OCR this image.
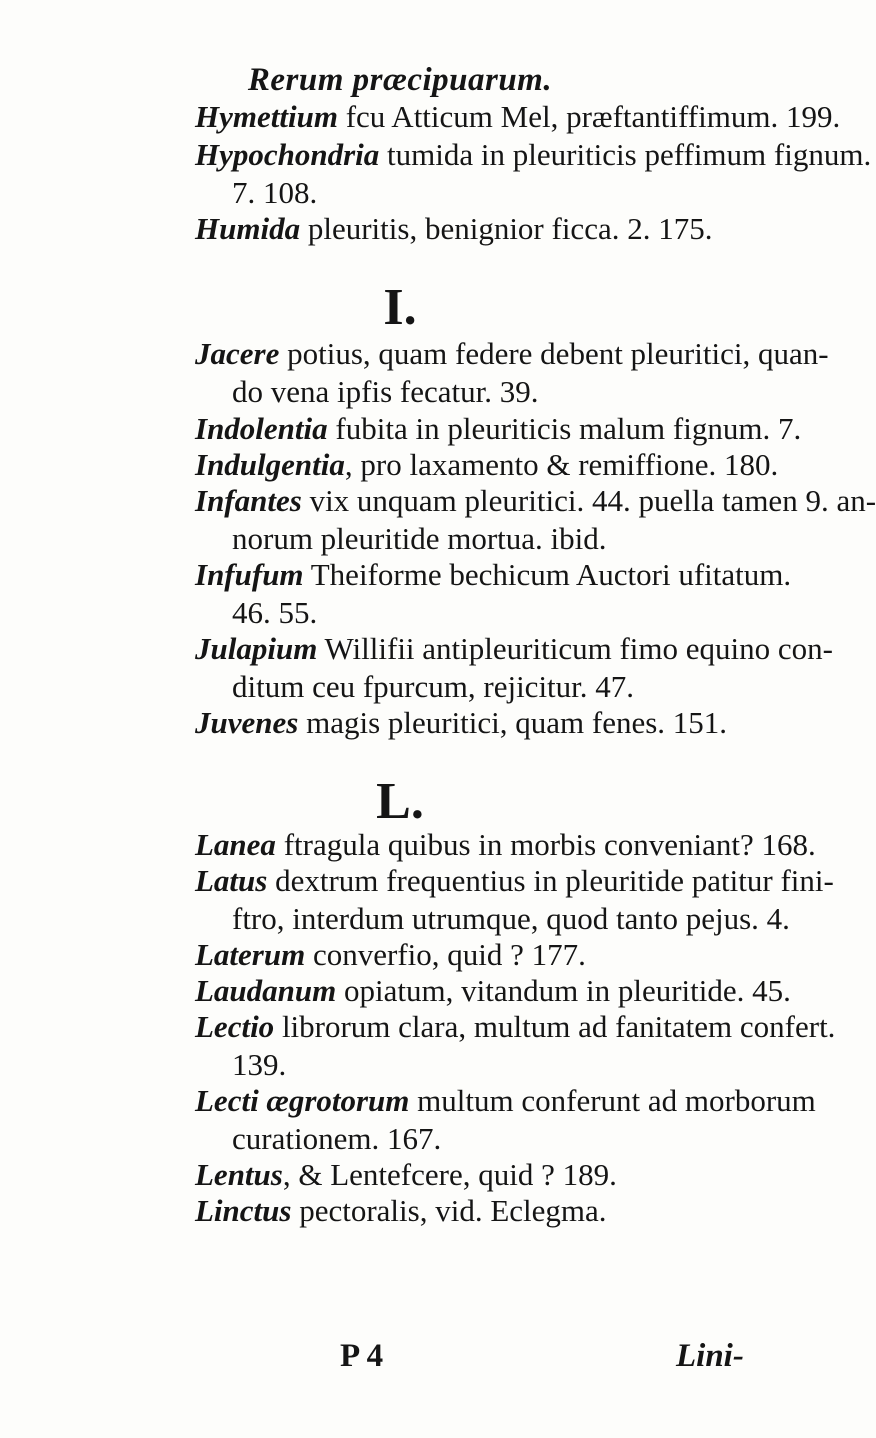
Rerum præcipuarum.
Hymettium fcu Atticum Mel, præftantiffimum. 199.
Hypochondria tumida in pleuriticis peffimum fignum.
7. 108.
Humida pleuritis, benignior ficca. 2. 175.
I.
Jacere potius, quam federe debent pleuritici, quan-
do vena ipfis fecatur. 39.
Indolentia fubita in pleuriticis malum fignum. 7.
Indulgentia, pro laxamento & remiffione. 180.
Infantes vix unquam pleuritici. 44. puella tamen 9. an-
norum pleuritide mortua. ibid.
Infufum Theiforme bechicum Auctori ufitatum.
46. 55.
Julapium Willifii antipleuriticum fimo equino con-
ditum ceu fpurcum, rejicitur. 47.
Juvenes magis pleuritici, quam fenes. 151.
L.
Lanea ftragula quibus in morbis conveniant? 168.
Latus dextrum frequentius in pleuritide patitur fini-
ftro, interdum utrumque, quod tanto pejus. 4.
Laterum converfio, quid ? 177.
Laudanum opiatum, vitandum in pleuritide. 45.
Lectio librorum clara, multum ad fanitatem confert.
139.
Lecti ægrotorum multum conferunt ad morborum
curationem. 167.
Lentus, & Lentefcere, quid ? 189.
Linctus pectoralis, vid. Eclegma.
P 4	Lini-
